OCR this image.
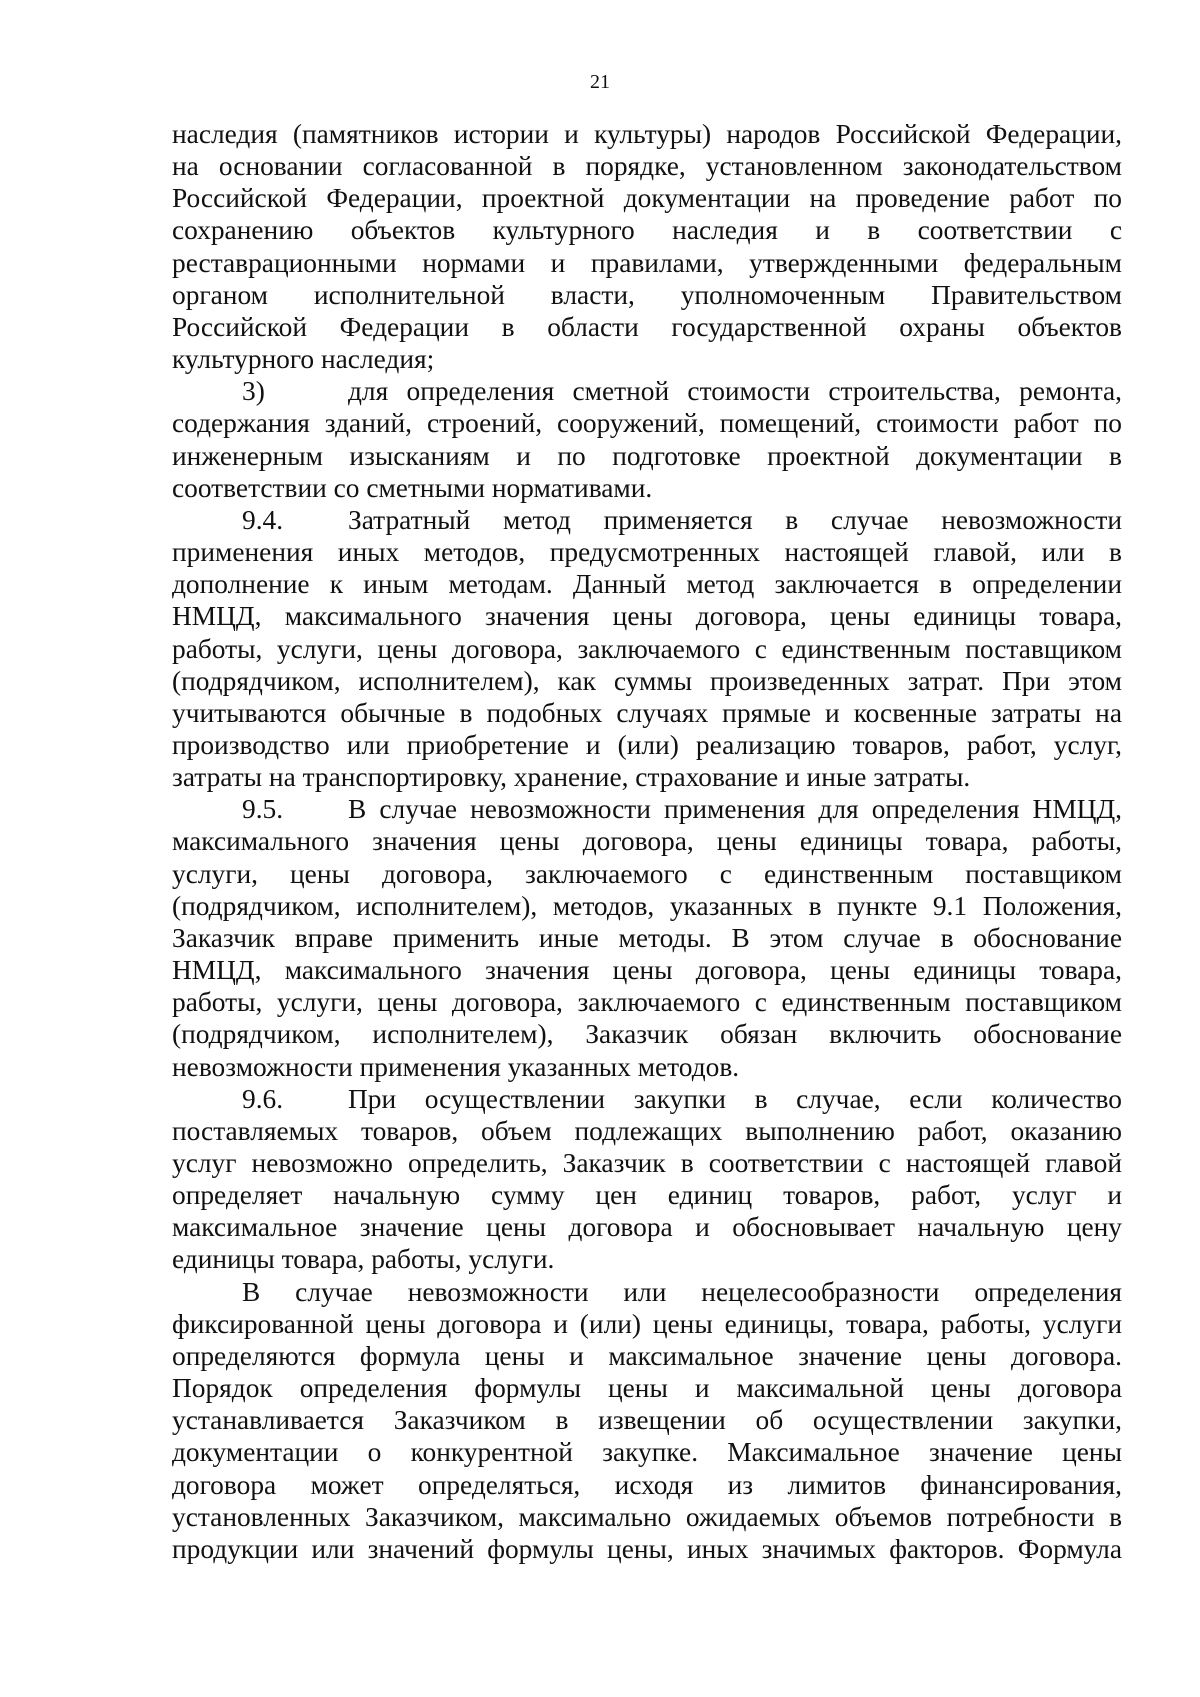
21
наследия (памятников истории и культуры) народов Российской Федерации,
на основании согласованной в порядке, установленном законодательством
Российской Федерации, проектной документации на проведение работ по
сохранению объектов культурного наследия и в соответствии с
реставрационными нормами и правилами, утвержденными федеральным
органом исполнительной власти, уполномоченным Правительством
Российской Федерации в области государственной охраны объектов
культурного наследия;
3)	для определения сметной стоимости строительства, ремонта,
содержания зданий, строений, сооружений, помещений, стоимости работ по
инженерным изысканиям и по подготовке проектной документации в
соответствии со сметными нормативами.
9.4. Затратный метод применяется в случае невозможности
применения иных методов, предусмотренных настоящей главой, или в
дополнение к иным методам. Данный метод заключается в определении
НМЦД, максимального значения цены договора, цены единицы товара,
работы, услуги, цены договора, заключаемого с единственным поставщиком
(подрядчиком, исполнителем), как суммы произведенных затрат. При этом
учитываются обычные в подобных случаях прямые и косвенные затраты на
производство или приобретение и (или) реализацию товаров, работ, услуг,
затраты на транспортировку, хранение, страхование и иные затраты.
9.5. В случае невозможности применения для определения НМЦД,
максимального значения цены договора, цены единицы товара, работы,
услуги, цены договора, заключаемого с единственным поставщиком
(подрядчиком, исполнителем), методов, указанных в пункте 9.1 Положения,
Заказчик вправе применить иные методы. В этом случае в обоснование
НМЦД, максимального значения цены договора, цены единицы товара,
работы, услуги, цены договора, заключаемого с единственным поставщиком
(подрядчиком, исполнителем), Заказчик обязан включить обоснование
невозможности применения указанных методов.
9.6. При осуществлении закупки в случае, если количество
поставляемых товаров, объем подлежащих выполнению работ, оказанию
услуг невозможно определить, Заказчик в соответствии с настоящей главой
определяет начальную сумму цен единиц товаров, работ, услуг и
максимальное значение цены договора и обосновывает начальную цену
единицы товара, работы, услуги.
В случае невозможности или нецелесообразности определения
фиксированной цены договора и (или) цены единицы, товара, работы, услуги
определяются формула цены и максимальное значение цены договора.
Порядок определения формулы цены и максимальной цены договора
устанавливается Заказчиком в извещении об осуществлении закупки,
документации о конкурентной закупке. Максимальное значение цены
договора может определяться, исходя из лимитов финансирования,
установленных Заказчиком, максимально ожидаемых объемов потребности в
продукции или значений формулы цены, иных значимых факторов. Формула
